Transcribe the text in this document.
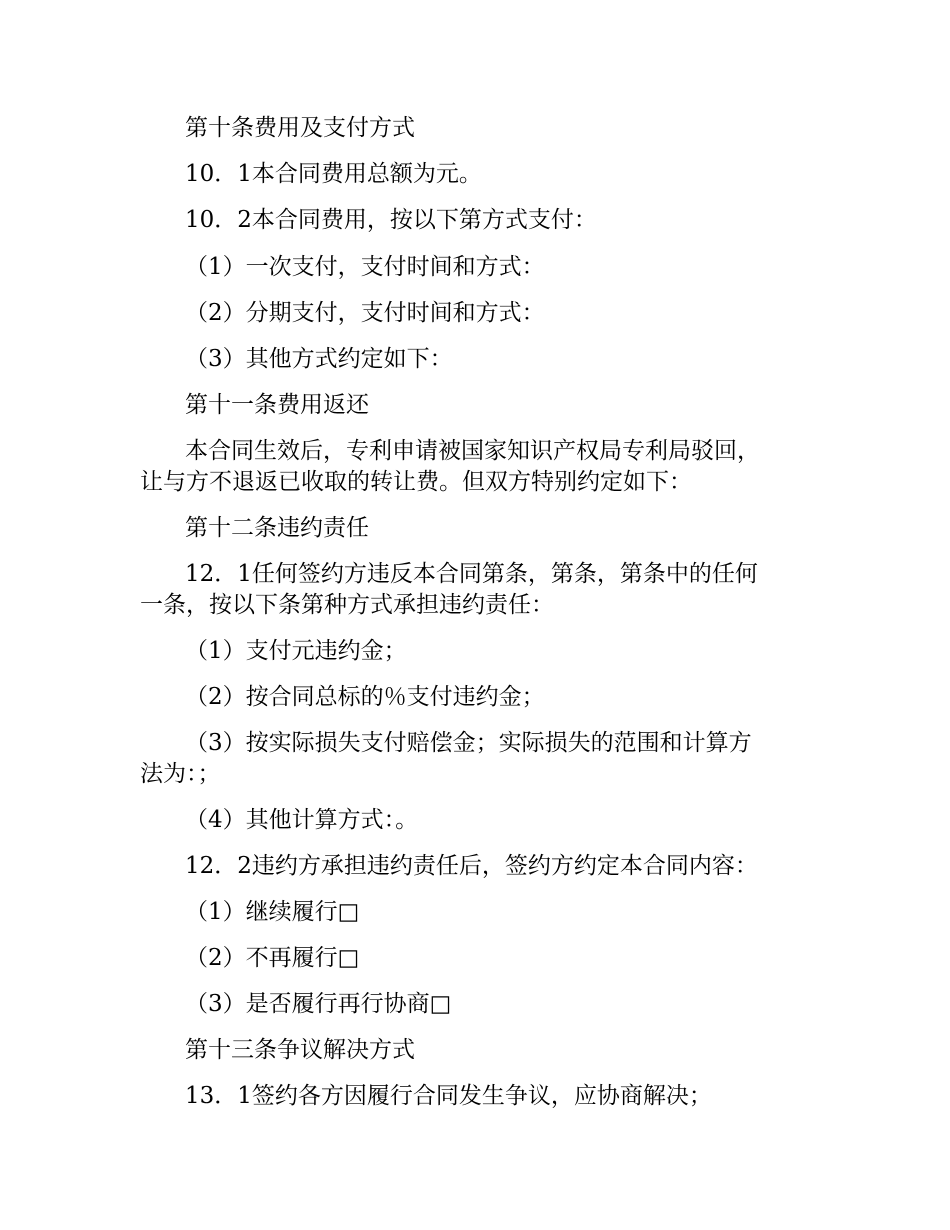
第十条费用及支付方式
10．1本合同费用总额为元。
10．2本合同费用，按以下第方式支付：
（1）一次支付，支付时间和方式：
（2）分期支付，支付时间和方式：
（3）其他方式约定如下：
第十一条费用返还
本合同生效后，专利申请被国家知识产权局专利局驳回，
让与方不退返已收取的转让费。但双方特别约定如下：
第十二条违约责任
12．1任何签约方违反本合同第条，第条，第条中的任何
一条，按以下条第种方式承担违约责任：
（1）支付元违约金；
（2）按合同总标的％支付违约金；
（3）按实际损失支付赔偿金；实际损失的范围和计算方
法为：；
（4）其他计算方式：。
12．2违约方承担违约责任后，签约方约定本合同内容：
（1）继续履行□
（2）不再履行□
（3）是否履行再行协商□
第十三条争议解决方式
13．1签约各方因履行合同发生争议，应协商解决；
